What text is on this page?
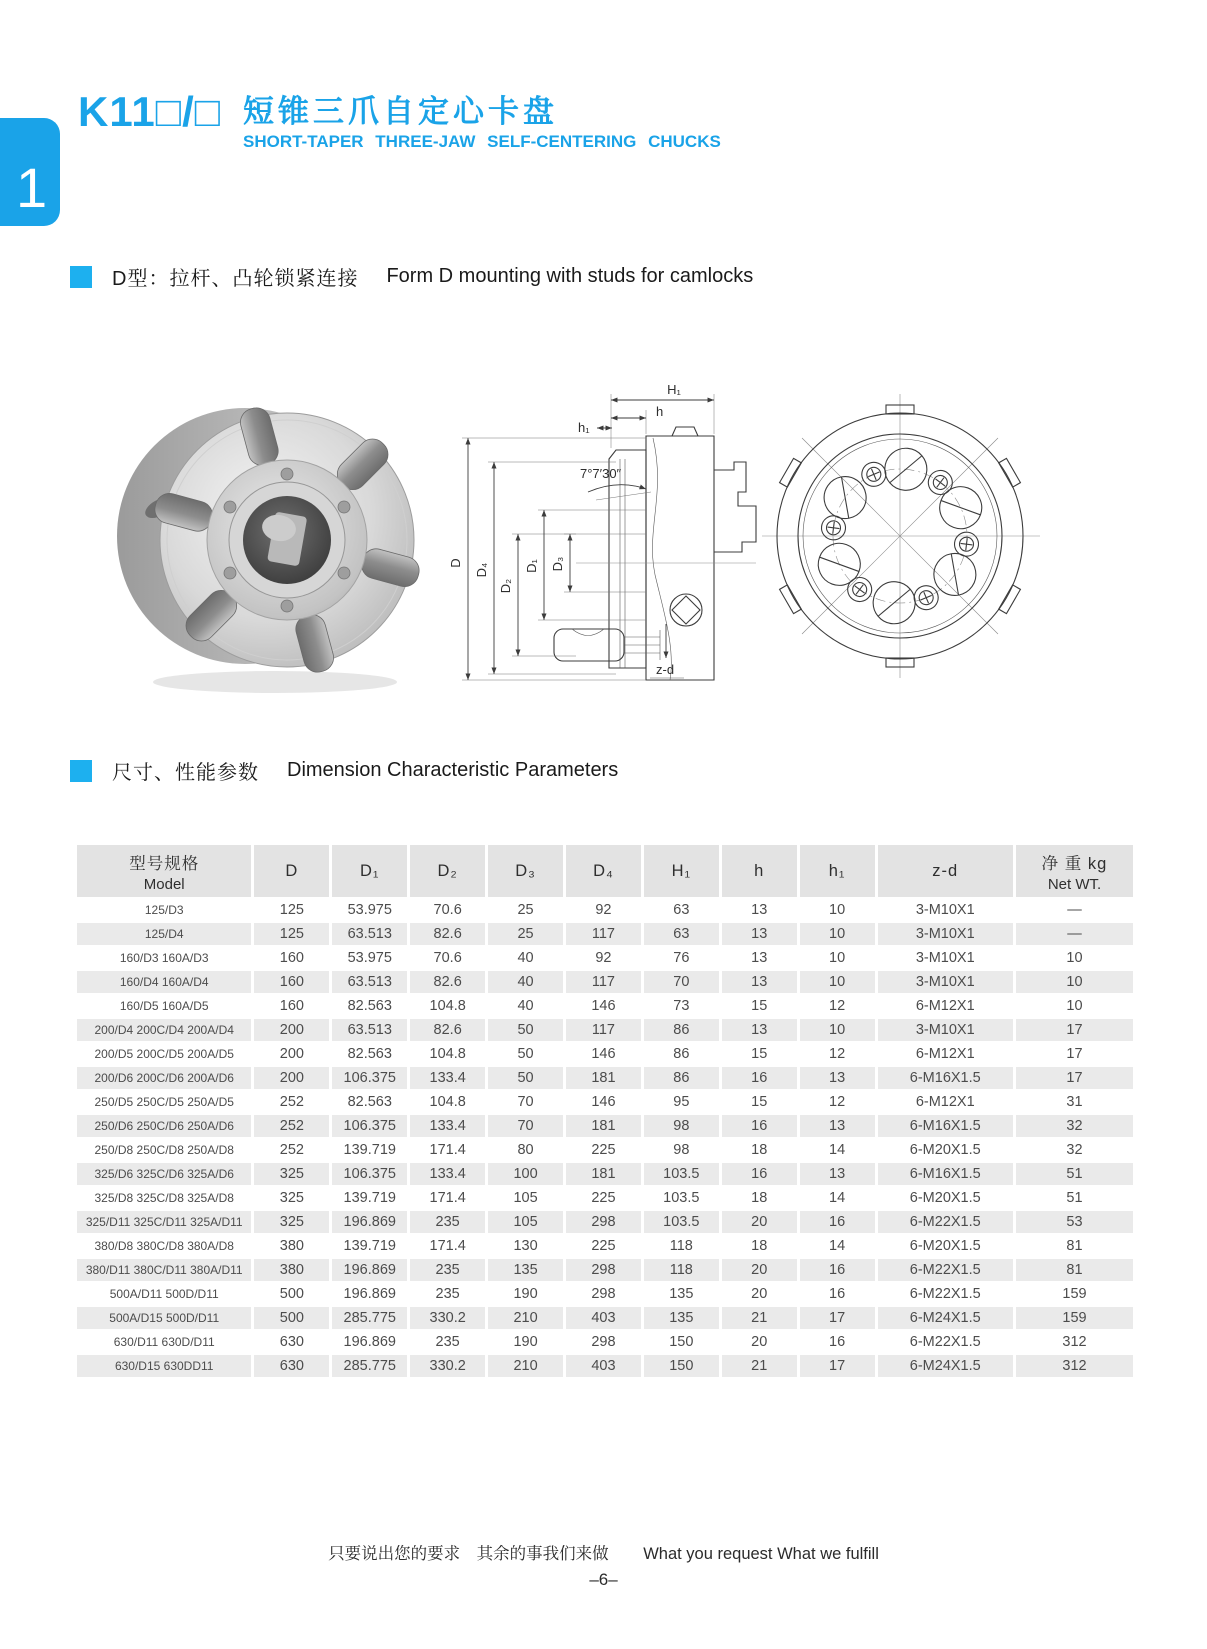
1
K11□/□ 短锥三爪自定心卡盘
SHORT-TAPER THREE-JAW SELF-CENTERING CHUCKS
D型：拉杆、凸轮锁紧连接 Form D mounting with studs for camlocks
D D₄
D₂
D₁ D₃
H₁
h
h₁
7°7′30″
z-d
尺寸、性能参数 Dimension Characteristic Parameters
型号规格
Model	D	D₁	D₂	D₃	D₄	H₁	h	h₁	z-d	净 重 kg
Net WT.

125/D3	125	53.975	70.6	25	92	63	13	10	3-M10X1	—
125/D4	125	63.513	82.6	25	117	63	13	10	3-M10X1	—
160/D3 160A/D3	160	53.975	70.6	40	92	76	13	10	3-M10X1	10
160/D4 160A/D4	160	63.513	82.6	40	117	70	13	10	3-M10X1	10
160/D5 160A/D5	160	82.563	104.8	40	146	73	15	12	6-M12X1	10
200/D4 200C/D4 200A/D4	200	63.513	82.6	50	117	86	13	10	3-M10X1	17
200/D5 200C/D5 200A/D5	200	82.563	104.8	50	146	86	15	12	6-M12X1	17
200/D6 200C/D6 200A/D6	200	106.375	133.4	50	181	86	16	13	6-M16X1.5	17
250/D5 250C/D5 250A/D5	252	82.563	104.8	70	146	95	15	12	6-M12X1	31
250/D6 250C/D6 250A/D6	252	106.375	133.4	70	181	98	16	13	6-M16X1.5	32
250/D8 250C/D8 250A/D8	252	139.719	171.4	80	225	98	18	14	6-M20X1.5	32
325/D6 325C/D6 325A/D6	325	106.375	133.4	100	181	103.5	16	13	6-M16X1.5	51
325/D8 325C/D8 325A/D8	325	139.719	171.4	105	225	103.5	18	14	6-M20X1.5	51
325/D11 325C/D11 325A/D11	325	196.869	235	105	298	103.5	20	16	6-M22X1.5	53
380/D8 380C/D8 380A/D8	380	139.719	171.4	130	225	118	18	14	6-M20X1.5	81
380/D11 380C/D11 380A/D11	380	196.869	235	135	298	118	20	16	6-M22X1.5	81
500A/D11 500D/D11	500	196.869	235	190	298	135	20	16	6-M22X1.5	159
500A/D15 500D/D11	500	285.775	330.2	210	403	135	21	17	6-M24X1.5	159
630/D11 630D/D11	630	196.869	235	190	298	150	20	16	6-M22X1.5	312
630/D15 630DD11	630	285.775	330.2	210	403	150	21	17	6-M24X1.5	312
只要说出您的要求　其余的事我们来做 What you request What we fulfill
–6–
